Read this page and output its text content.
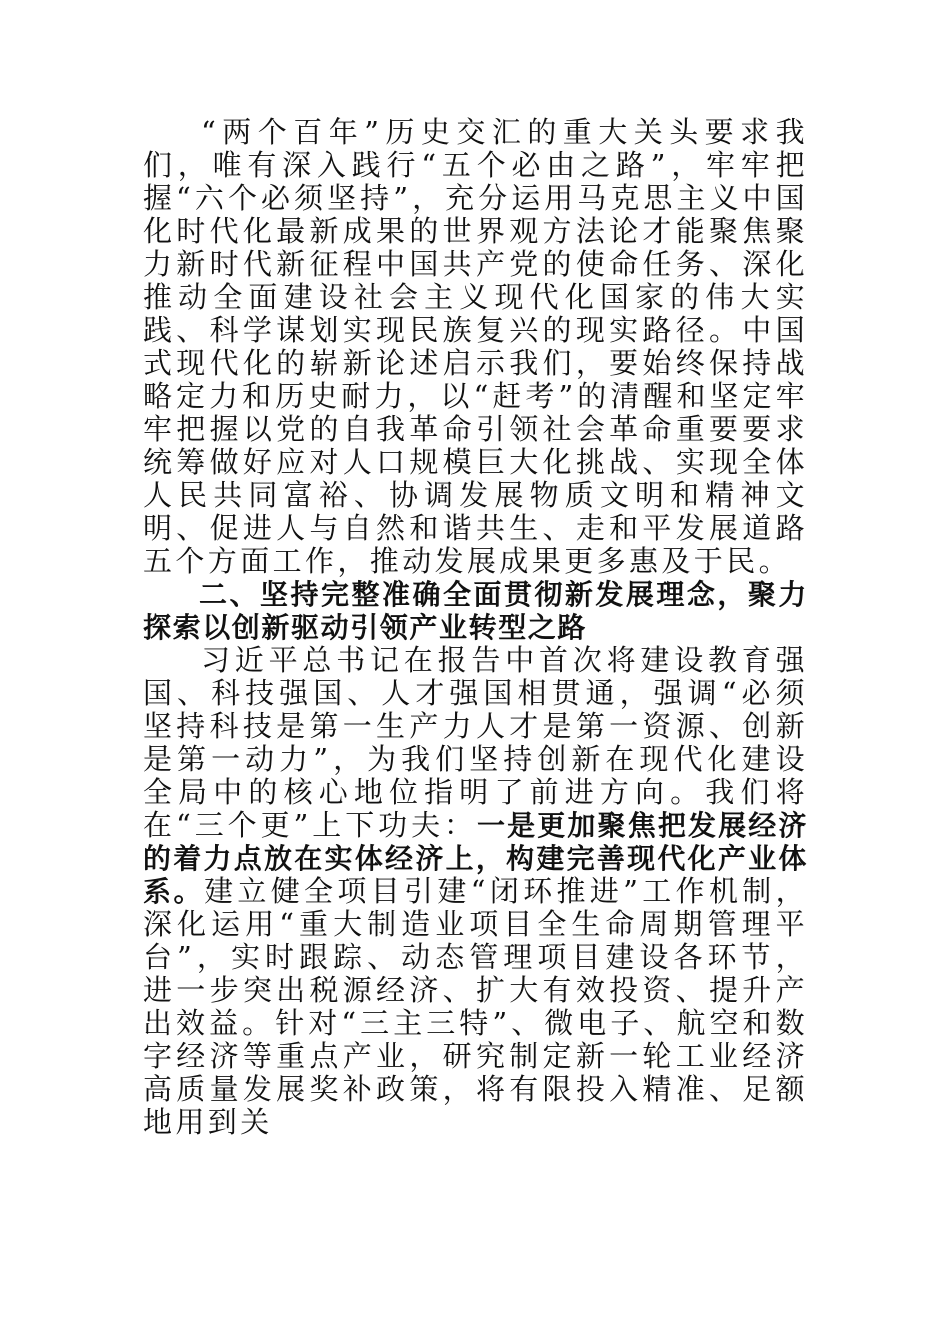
“两个百年”历史交汇的重大关头要求我们，唯有深入践行“五个必由之路”，牢牢把握“六个必须坚持”，充分运用马克思主义中国化时代化最新成果的世界观方法论才能聚焦聚力新时代新征程中国共产党的使命任务、深化推动全面建设社会主义现代化国家的伟大实践、科学谋划实现民族复兴的现实路径。中国式现代化的崭新论述启示我们，要始终保持战略定力和历史耐力，以“赶考”的清醒和坚定牢牢把握以党的自我革命引领社会革命重要要求统筹做好应对人口规模巨大化挑战、实现全体人民共同富裕、协调发展物质文明和精神文明、促进人与自然和谐共生、走和平发展道路五个方面工作，推动发展成果更多惠及于民。

二、坚持完整准确全面贯彻新发展理念，聚力探索以创新驱动引领产业转型之路

习近平总书记在报告中首次将建设教育强国、科技强国、人才强国相贯通，强调“必须坚持科技是第一生产力人才是第一资源、创新是第一动力”，为我们坚持创新在现代化建设全局中的核心地位指明了前进方向。我们将在“三个更”上下功夫：一是更加聚焦把发展经济的着力点放在实体经济上，构建完善现代化产业体系。建立健全项目引建“闭环推进”工作机制，深化运用“重大制造业项目全生命周期管理平台”，实时跟踪、动态管理项目建设各环节，进一步突出税源经济、扩大有效投资、提升产出效益。针对“三主三特”、微电子、航空和数字经济等重点产业，研究制定新一轮工业经济高质量发展奖补政策，将有限投入精准、足额地用到关
